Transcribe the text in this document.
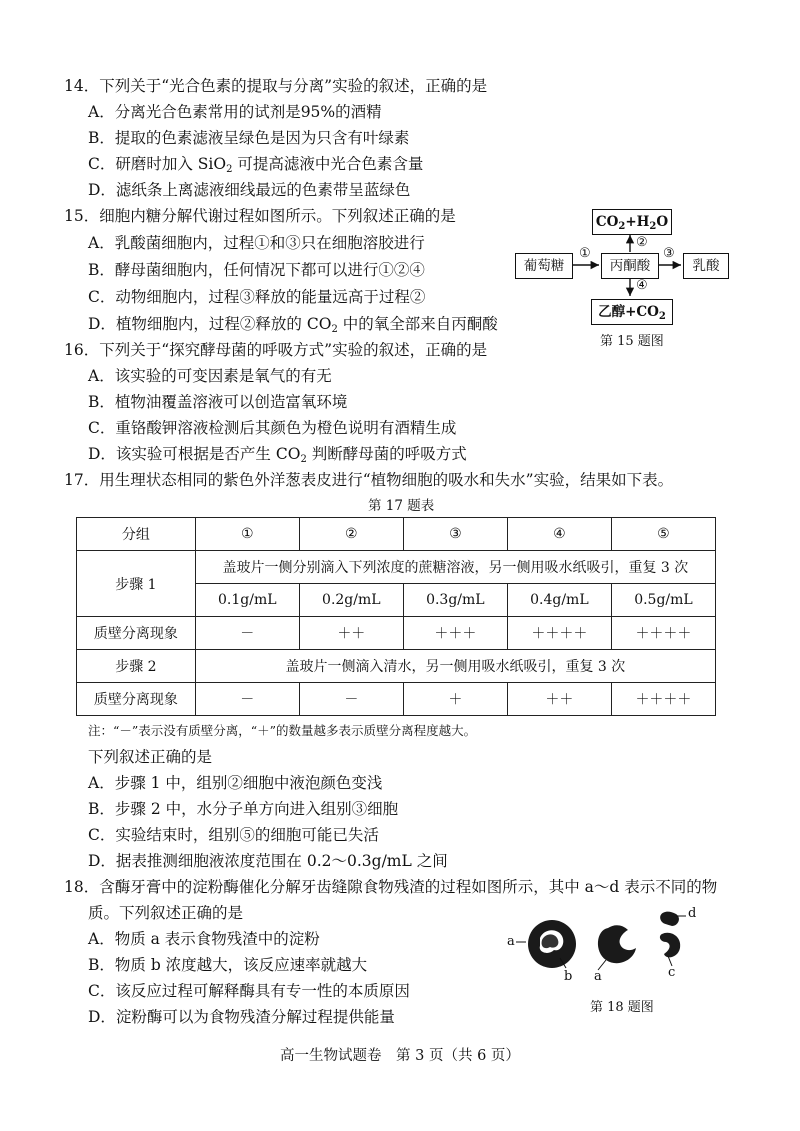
14．下列关于“光合色素的提取与分离”实验的叙述，正确的是
A．分离光合色素常用的试剂是95%的酒精
B．提取的色素滤液呈绿色是因为只含有叶绿素
C．研磨时加入 SiO$_2$ 可提高滤液中光合色素含量
D．滤纸条上离滤液细线最远的色素带呈蓝绿色
15．细胞内糖分解代谢过程如图所示。下列叙述正确的是
A．乳酸菌细胞内，过程①和③只在细胞溶胶进行
B．酵母菌细胞内，任何情况下都可以进行①②④
C．动物细胞内，过程③释放的能量远高于过程②
D．植物细胞内，过程②释放的 $CO_2$ 中的氧全部来自丙酮酸
$CO_2+H_2O$
葡萄糖	丙酮酸	乳酸
乙醇$+CO_2$
①
②
③
④
第 15 题图
16．下列关于“探究酵母菌的呼吸方式”实验的叙述，正确的是
A．该实验的可变因素是氧气的有无
B．植物油覆盖溶液可以创造富氧环境
C．重铬酸钾溶液检测后其颜色为橙色说明有酒精生成
D．该实验可根据是否产生 $CO_2$ 判断酵母菌的呼吸方式
17．用生理状态相同的紫色外洋葱表皮进行“植物细胞的吸水和失水”实验，结果如下表。
第 17 题表
分组	①	②	③	④	⑤
步骤 1	盖玻片一侧分别滴入下列浓度的蔗糖溶液，另一侧用吸水纸吸引，重复 3 次				
	0.1g/mL	0.2g/mL	0.3g/mL	0.4g/mL	0.5g/mL
质壁分离现象	－	＋＋	＋＋＋	＋＋＋＋	＋＋＋＋
步骤 2	盖玻片一侧滴入清水，另一侧用吸水纸吸引，重复 3 次				
质壁分离现象	－	－	＋	＋＋	＋＋＋＋
注：“－”表示没有质壁分离，“＋”的数量越多表示质壁分离程度越大。
下列叙述正确的是
A．步骤 1 中，组别②细胞中液泡颜色变浅
B．步骤 2 中，水分子单方向进入组别③细胞
C．实验结束时，组别⑤的细胞可能已失活
D．据表推测细胞液浓度范围在 0.2～0.3g/mL 之间
18．含酶牙膏中的淀粉酶催化分解牙齿缝隙食物残渣的过程如图所示，其中 a～d 表示不同的物
质。下列叙述正确的是
A．物质 a 表示食物残渣中的淀粉
B．物质 b 浓度越大，该反应速率就越大
C．该反应过程可解释酶具有专一性的本质原因
D．淀粉酶可以为食物残渣分解过程提供能量
a
b a	c
d
第 18 题图
高一生物试题卷　第 3 页（共 6 页）
